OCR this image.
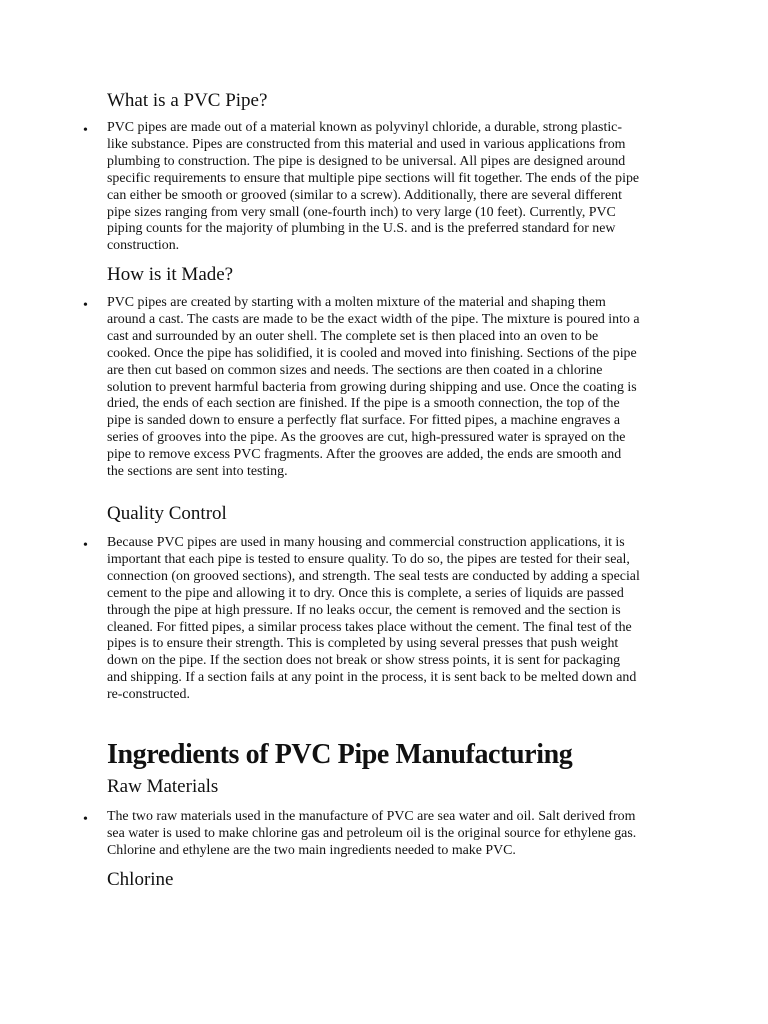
What is a PVC Pipe?
• PVC pipes are made out of a material known as polyvinyl chloride, a durable, strong plastic-
like substance. Pipes are constructed from this material and used in various applications from
plumbing to construction. The pipe is designed to be universal. All pipes are designed around
specific requirements to ensure that multiple pipe sections will fit together. The ends of the pipe
can either be smooth or grooved (similar to a screw). Additionally, there are several different
pipe sizes ranging from very small (one-fourth inch) to very large (10 feet). Currently, PVC
piping counts for the majority of plumbing in the U.S. and is the preferred standard for new
construction.
How is it Made?
• PVC pipes are created by starting with a molten mixture of the material and shaping them
around a cast. The casts are made to be the exact width of the pipe. The mixture is poured into a
cast and surrounded by an outer shell. The complete set is then placed into an oven to be
cooked. Once the pipe has solidified, it is cooled and moved into finishing. Sections of the pipe
are then cut based on common sizes and needs. The sections are then coated in a chlorine
solution to prevent harmful bacteria from growing during shipping and use. Once the coating is
dried, the ends of each section are finished. If the pipe is a smooth connection, the top of the
pipe is sanded down to ensure a perfectly flat surface. For fitted pipes, a machine engraves a
series of grooves into the pipe. As the grooves are cut, high-pressured water is sprayed on the
pipe to remove excess PVC fragments. After the grooves are added, the ends are smooth and
the sections are sent into testing.
Quality Control
• Because PVC pipes are used in many housing and commercial construction applications, it is
important that each pipe is tested to ensure quality. To do so, the pipes are tested for their seal,
connection (on grooved sections), and strength. The seal tests are conducted by adding a special
cement to the pipe and allowing it to dry. Once this is complete, a series of liquids are passed
through the pipe at high pressure. If no leaks occur, the cement is removed and the section is
cleaned. For fitted pipes, a similar process takes place without the cement. The final test of the
pipes is to ensure their strength. This is completed by using several presses that push weight
down on the pipe. If the section does not break or show stress points, it is sent for packaging
and shipping. If a section fails at any point in the process, it is sent back to be melted down and
re-constructed.
Ingredients of PVC Pipe Manufacturing
Raw Materials
• The two raw materials used in the manufacture of PVC are sea water and oil. Salt derived from
sea water is used to make chlorine gas and petroleum oil is the original source for ethylene gas.
Chlorine and ethylene are the two main ingredients needed to make PVC.
Chlorine
